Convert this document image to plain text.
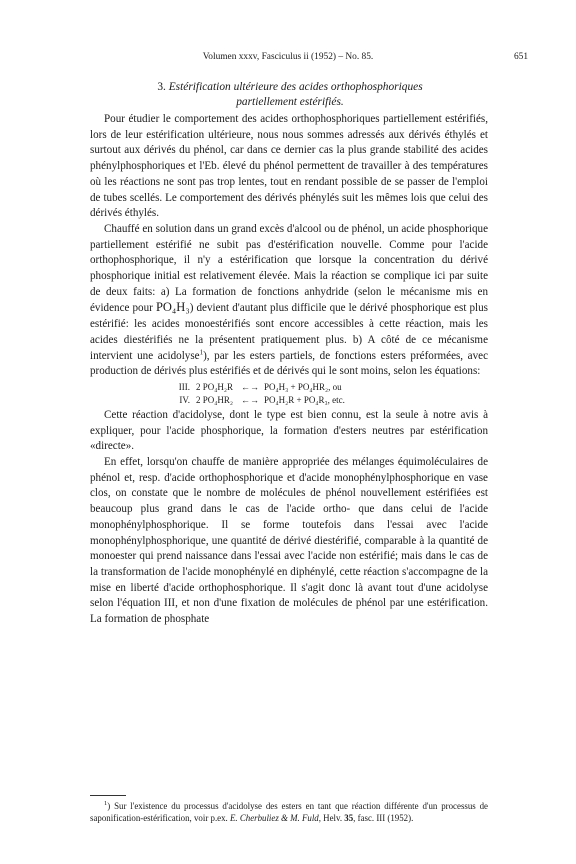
Volumen xxxv, Fasciculus ii (1952) – No. 85.	651
3. Estérification ultérieure des acides orthophosphoriques
partiellement estérifiés.

Pour étudier le comportement des acides orthophosphoriques partiellement estérifiés, lors de leur estérification ultérieure, nous nous sommes adressés aux dérivés éthylés et surtout aux dérivés du phénol, car dans ce dernier cas la plus grande stabilité des acides phénylphosphoriques et l'Eb. élevé du phénol permettent de travailler à des températures où les réactions ne sont pas trop lentes, tout en rendant possible de se passer de l'emploi de tubes scellés. Le comportement des dérivés phénylés suit les mêmes lois que celui des dérivés éthylés.

Chauffé en solution dans un grand excès d'alcool ou de phénol, un acide phosphorique partiellement estérifié ne subit pas d'estérification nouvelle. Comme pour l'acide orthophosphorique, il n'y a estérification que lorsque la concentration du dérivé phosphorique initial est relativement élevée. Mais la réaction se complique ici par suite de deux faits: a) La formation de fonctions anhydride (selon le mécanisme mis en évidence pour PO₄H₃) devient d'autant plus difficile que le dérivé phosphorique est plus estérifié: les acides monoestérifiés sont encore accessibles à cette réaction, mais les acides diestérifiés ne la présentent pratiquement plus. b) A côté de ce mécanisme intervient une acidolyse$^1$), par les esters partiels, de fonctions esters préformées, avec production de dérivés plus estérifiés et de dérivés qui le sont moins, selon les équations:

III. 2 PO₄H₂R ←→ PO₄H₃ + PO₄HR₂, ou
IV. 2 PO₄HR₂ ←→ PO₄H₂R + PO₄R₃, etc.

Cette réaction d'acidolyse, dont le type est bien connu, est la seule à notre avis à expliquer, pour l'acide phosphorique, la formation d'esters neutres par estérification «directe».

En effet, lorsqu'on chauffe de manière appropriée des mélanges équimoléculaires de phénol et, resp. d'acide orthophosphorique et d'acide monophénylphosphorique en vase clos, on constate que le nombre de molécules de phénol nouvellement estérifiées est beaucoup plus grand dans le cas de l'acide ortho- que dans celui de l'acide monophénylphosphorique. Il se forme toutefois dans l'essai avec l'acide monophénylphosphorique, une quantité de dérivé diestérifié, comparable à la quantité de monoester qui prend naissance dans l'essai avec l'acide non estérifié; mais dans le cas de la transformation de l'acide monophénylé en diphénylé, cette réaction s'accompagne de la mise en liberté d'acide orthophosphorique. Il s'agit donc là avant tout d'une acidolyse selon l'équation III, et non d'une fixation de molécules de phénol par une estérification. La formation de phosphate

$^1$) Sur l'existence du processus d'acidolyse des esters en tant que réaction différente d'un processus de saponification-estérification, voir p.ex. E. Cherbuliez & M. Fuld, Helv. 35, fasc. III (1952).
